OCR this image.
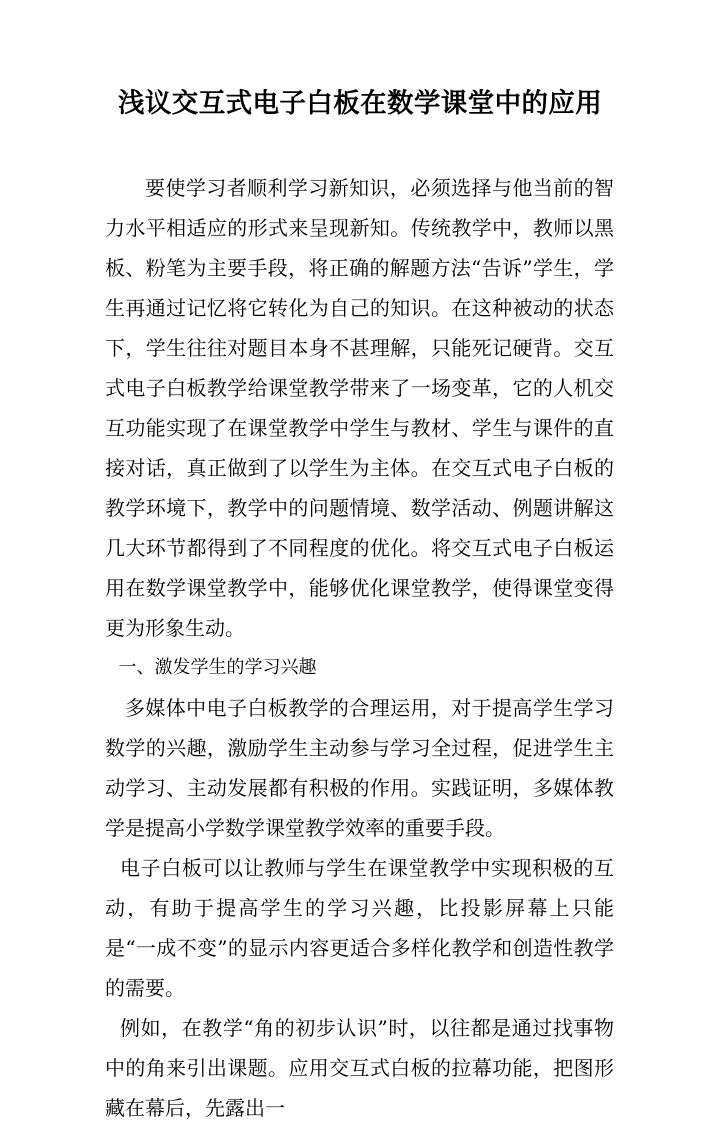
浅议交互式电子白板在数学课堂中的应用

要使学习者顺利学习新知识，必须选择与他当前的智力水平相适应的形式来呈现新知。传统教学中，教师以黑板、粉笔为主要手段，将正确的解题方法“告诉”学生，学生再通过记忆将它转化为自己的知识。在这种被动的状态下，学生往往对题目本身不甚理解，只能死记硬背。交互式电子白板教学给课堂教学带来了一场变革，它的人机交互功能实现了在课堂教学中学生与教材、学生与课件的直接对话，真正做到了以学生为主体。在交互式电子白板的教学环境下，教学中的问题情境、数学活动、例题讲解这几大环节都得到了不同程度的优化。将交互式电子白板运用在数学课堂教学中，能够优化课堂教学，使得课堂变得更为形象生动。

一、激发学生的学习兴趣

多媒体中电子白板教学的合理运用，对于提高学生学习数学的兴趣，激励学生主动参与学习全过程，促进学生主动学习、主动发展都有积极的作用。实践证明，多媒体教学是提高小学数学课堂教学效率的重要手段。

电子白板可以让教师与学生在课堂教学中实现积极的互动，有助于提高学生的学习兴趣，比投影屏幕上只能是“一成不变”的显示内容更适合多样化教学和创造性教学的需要。

例如，在教学“角的初步认识”时，以往都是通过找事物中的角来引出课题。应用交互式白板的拉幕功能，把图形藏在幕后，先露出一
